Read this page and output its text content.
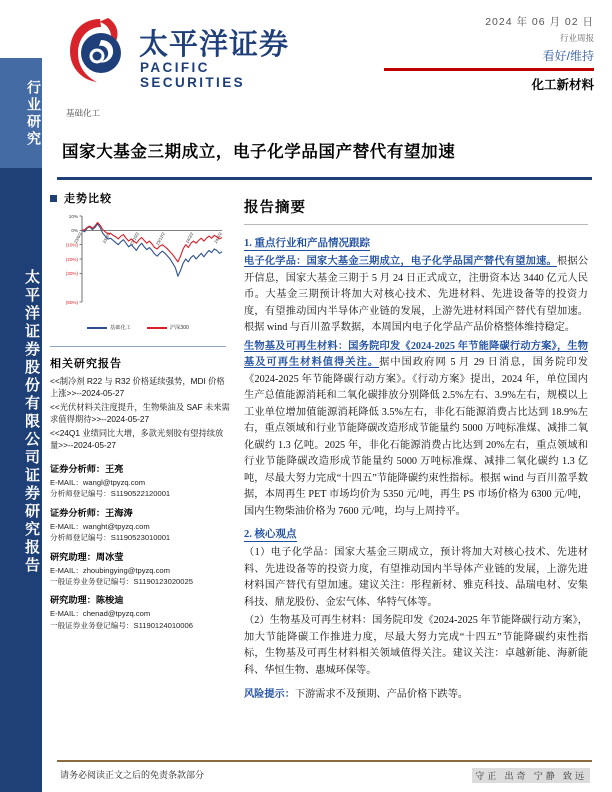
行业研究
太平洋证券股份有限公司证券研究报告
太平洋证券
PACIFIC SECURITIES
基础化工
2024 年 06 月 02 日
行业周报
看好/维持
化工新材料
国家大基金三期成立，电子化学品国产替代有望加速
走势比较
10%
0%
(10%)
(20%)
(30%)
(50%)
23/6/2	23/8/2	23/10/2	23/12/2	24/2/2	24/4/2
基础化工	沪深300
相关研究报告
<<制冷剂 R22 与 R32 价格延续强势，MDI 价格上涨>>--2024-05-27
<<光伏材料关注度提升，生物柴油及 SAF 未来需求值得期待>>--2024-05-27
<<24Q1 业绩同比大增，多款光刻胶有望持续放量>>--2024-05-27
证券分析师：王亮
E-MAIL：wangl@tpyzq.com
分析师登记编号：S1190522120001
证券分析师：王海涛
E-MAIL：wanght@tpyzq.com
分析师登记编号：S1190523010001
研究助理：周冰莹
E-MAIL：zhoubingying@tpyzq.com
一般证券业务登记编号：S1190123020025
研究助理：陈梭迪
E-MAIL：chenad@tpyzq.com
一般证券业务登记编号：S1190124010006
报告摘要
1. 重点行业和产品情况跟踪

电子化学品：国家大基金三期成立，电子化学品国产替代有望加速。根据公开信息，国家大基金三期于 5 月 24 日正式成立，注册资本达 3440 亿元人民币。大基金三期预计将加大对核心技术、先进材料、先进设备等的投资力度，有望推动国内半导体产业链的发展，上游先进材料国产替代有望加速。根据 wind 与百川盈孚数据，本周国内电子化学品产品价格整体维持稳定。

生物基及可再生材料：国务院印发《2024-2025 年节能降碳行动方案》，生物基及可再生材料值得关注。据中国政府网 5 月 29 日消息，国务院印发《2024-2025 年节能降碳行动方案》。《行动方案》提出，2024 年，单位国内生产总值能源消耗和二氧化碳排放分别降低 2.5%左右、3.9%左右，规模以上工业单位增加值能源消耗降低 3.5%左右，非化石能源消费占比达到 18.9%左右，重点领域和行业节能降碳改造形成节能量约 5000 万吨标准煤、减排二氧化碳约 1.3 亿吨。2025 年，非化石能源消费占比达到 20%左右，重点领域和行业节能降碳改造形成节能量约 5000 万吨标准煤、减排二氧化碳约 1.3 亿吨，尽最大努力完成“十四五”节能降碳约束性指标。根据 wind 与百川盈孚数据，本周再生 PET 市场均价为 5350 元/吨，再生 PS 市场价格为 6300 元/吨，国内生物柴油价格为 7600 元/吨，均与上周持平。

2. 核心观点

（1）电子化学品：国家大基金三期成立，预计将加大对核心技术、先进材料、先进设备等的投资力度，有望推动国内半导体产业链的发展，上游先进材料国产替代有望加速。建议关注：彤程新材、雅克科技、晶瑞电材、安集科技、鼎龙股份、金宏气体、华特气体等。

（2）生物基及可再生材料：国务院印发《2024-2025 年节能降碳行动方案》，加大节能降碳工作推进力度，尽最大努力完成“十四五”节能降碳约束性指标，生物基及可再生材料相关领域值得关注。建议关注：卓越新能、海新能科、华恒生物、惠城环保等。

风险提示：下游需求不及预期、产品价格下跌等。

请务必阅读正文之后的免责条款部分	守正 出奇 宁静 致远
